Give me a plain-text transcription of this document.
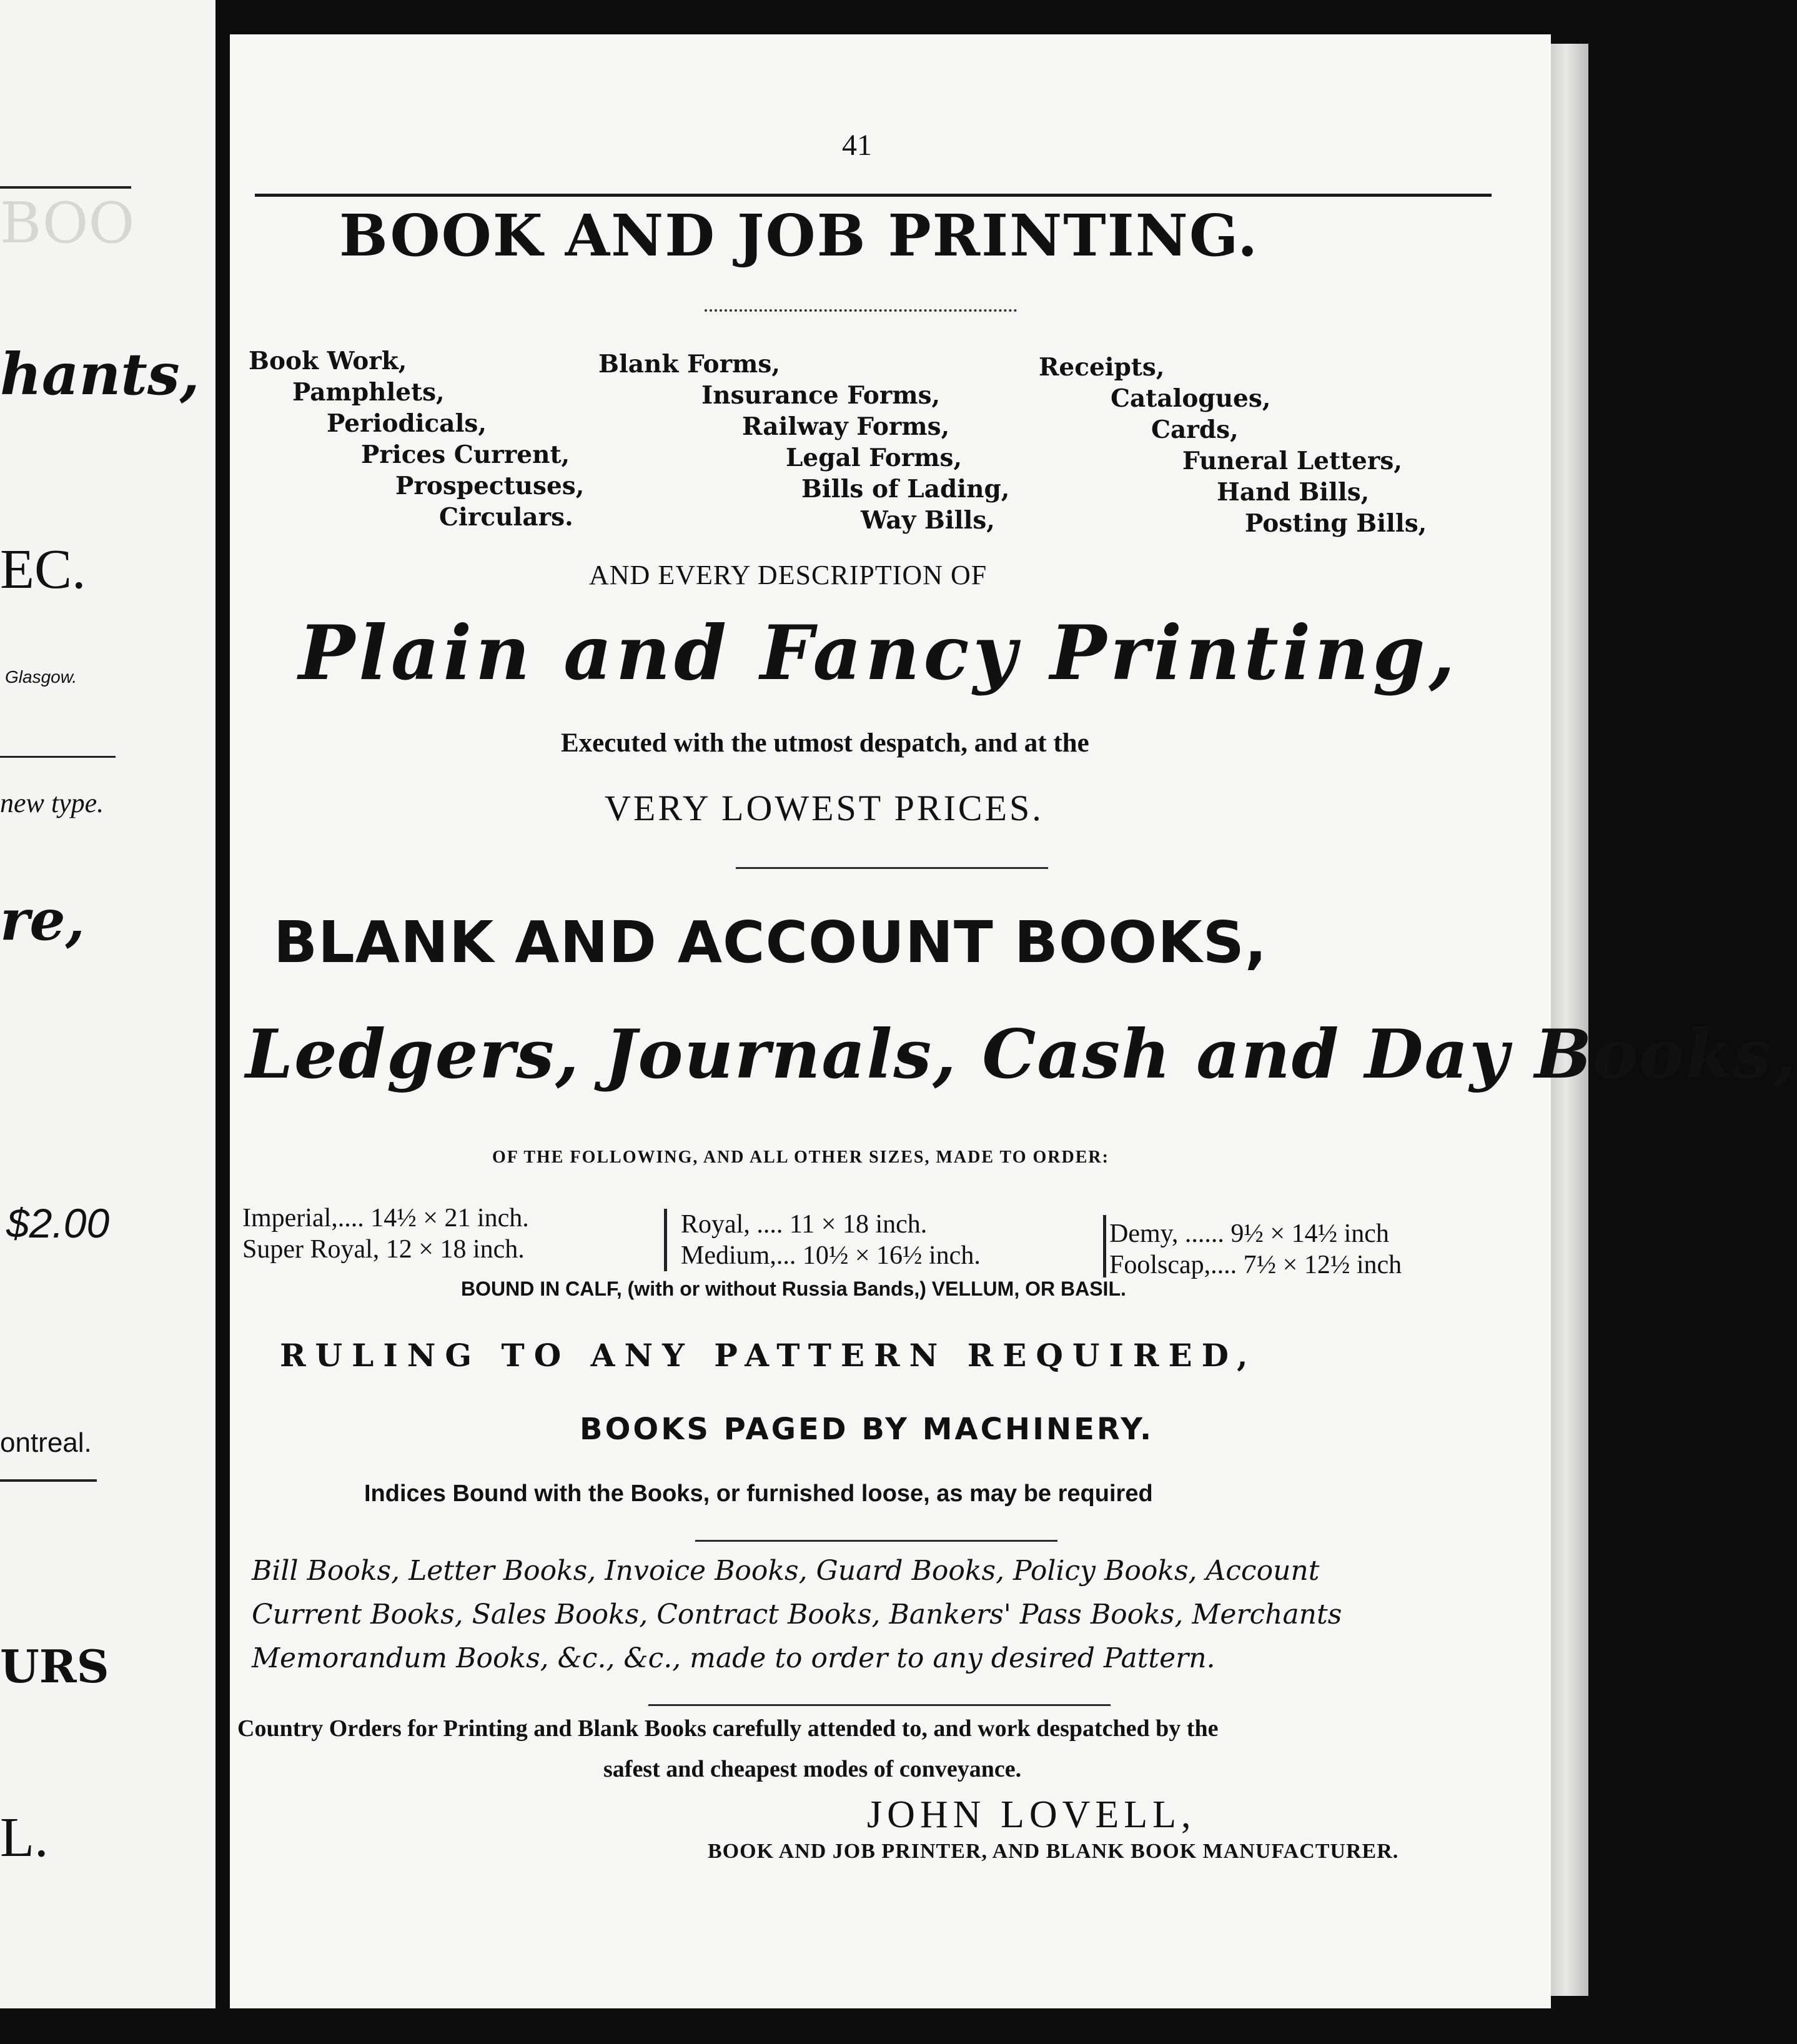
BOO
hants,
EC.
Glasgow.
new type.
re,
$2.00
ontreal.
URS
L.
41
BOOK AND JOB PRINTING.
Book Work,
Pamphlets,
Periodicals,
Prices Current,
Prospectuses,
Circulars.
Blank Forms,
Insurance Forms,
Railway Forms,
Legal Forms,
Bills of Lading,
Way Bills,
Receipts,
Catalogues,
Cards,
Funeral Letters,
Hand Bills,
Posting Bills,
AND EVERY DESCRIPTION OF
Plain and Fancy Printing,
Executed with the utmost despatch, and at the
VERY LOWEST PRICES.
BLANK AND ACCOUNT BOOKS,
Ledgers, Journals, Cash and Day Books,
OF THE FOLLOWING, AND ALL OTHER SIZES, MADE TO ORDER:
Imperial,.... 14½ × 21 inch.
Super Royal, 12 × 18 inch.
Royal, .... 11 × 18 inch.
Medium,... 10½ × 16½ inch.
Demy, ...... 9½ × 14½ inch
Foolscap,.... 7½ × 12½ inch
BOUND IN CALF, (with or without Russia Bands,) VELLUM, OR BASIL.
RULING TO ANY PATTERN REQUIRED,
BOOKS PAGED BY MACHINERY.
Indices Bound with the Books, or furnished loose, as may be required
Bill Books, Letter Books, Invoice Books, Guard Books, Policy Books, Account
Current Books, Sales Books, Contract Books, Bankers' Pass Books, Merchants
Memorandum Books, &c., &c., made to order to any desired Pattern.
Country Orders for Printing and Blank Books carefully attended to, and work despatched by the
safest and cheapest modes of conveyance.
JOHN LOVELL,
BOOK AND JOB PRINTER, AND BLANK BOOK MANUFACTURER.
